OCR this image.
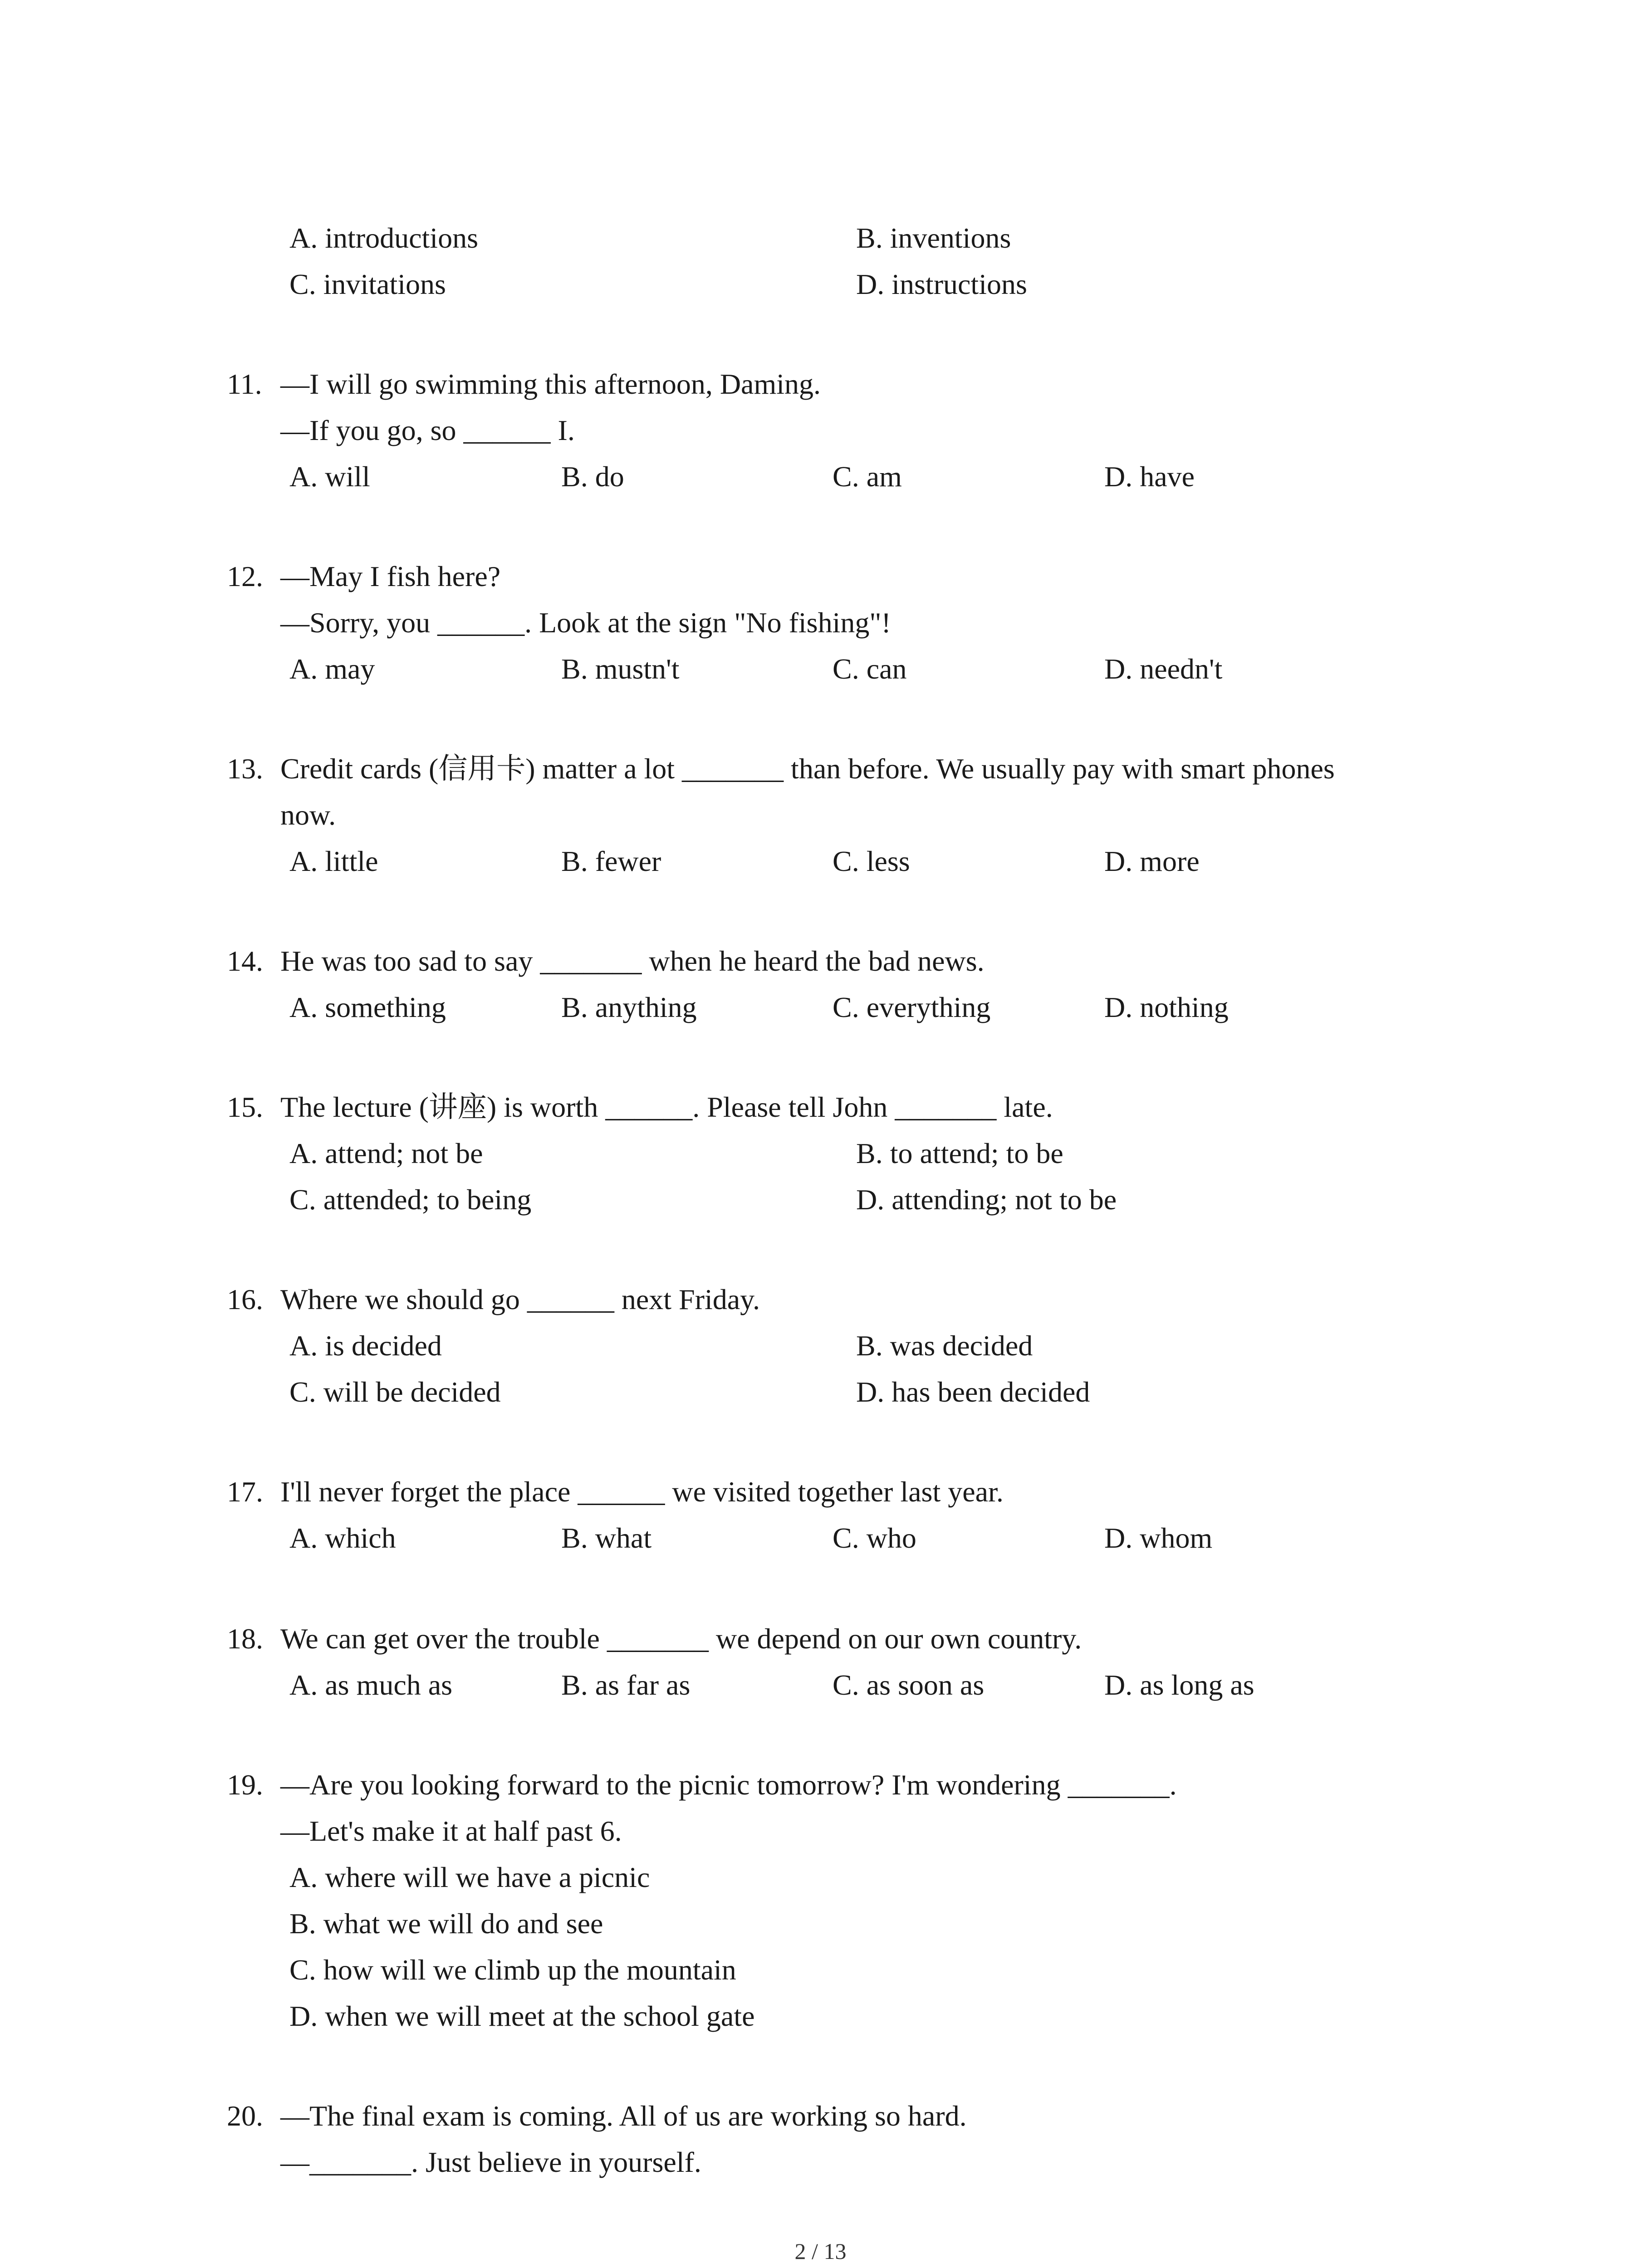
A. introductions	B. inventions
C. invitations	D. instructions
11. —I will go swimming this afternoon, Daming.
—If you go, so ______ I.
A. will	B. do	C. am	D. have
12. —May I fish here?
—Sorry, you ______. Look at the sign "No fishing"!
A. may	B. mustn't	C. can	D. needn't
13. Credit cards (信用卡) matter a lot _______ than before. We usually pay with smart phones
now.
A. little	B. fewer	C. less	D. more
14. He was too sad to say _______ when he heard the bad news.
A. something	B. anything	C. everything	D. nothing
15. The lecture (讲座) is worth ______. Please tell John _______ late.
A. attend; not be	B. to attend; to be
C. attended; to being	D. attending; not to be
16. Where we should go ______ next Friday.
A. is decided	B. was decided
C. will be decided	D. has been decided
17. I'll never forget the place ______ we visited together last year.
A. which	B. what	C. who	D. whom
18. We can get over the trouble _______ we depend on our own country.
A. as much as	B. as far as	C. as soon as	D. as long as
19. —Are you looking forward to the picnic tomorrow? I'm wondering _______.
—Let's make it at half past 6.
A. where will we have a picnic
B. what we will do and see
C. how will we climb up the mountain
D. when we will meet at the school gate
20. —The final exam is coming. All of us are working so hard.
—_______. Just believe in yourself.
2 / 13
